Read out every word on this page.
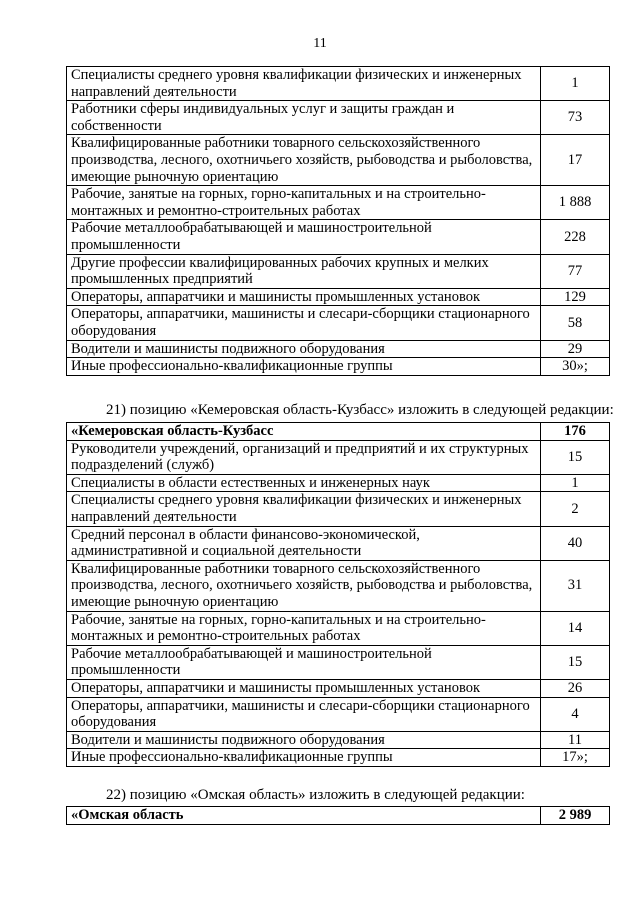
11
Специалисты среднего уровня квалификации физических и инженерных направлений деятельности	1
Работники сферы индивидуальных услуг и защиты граждан и собственности	73
Квалифицированные работники товарного сельскохозяйственного производства, лесного, охотничьего хозяйств, рыбоводства и рыболовства, имеющие рыночную ориентацию	17
Рабочие, занятые на горных, горно-капитальных и на строительно-монтажных и ремонтно-строительных работах	1 888
Рабочие металлообрабатывающей и машиностроительной промышленности	228
Другие профессии квалифицированных рабочих крупных и мелких промышленных предприятий	77
Операторы, аппаратчики и машинисты промышленных установок	129
Операторы, аппаратчики, машинисты и слесари-сборщики стационарного оборудования	58
Водители и машинисты подвижного оборудования	29
Иные профессионально-квалификационные группы	30»;
21) позицию «Кемеровская область-Кузбасс» изложить в следующей редакции:
«Кемеровская область-Кузбасс	176
Руководители учреждений, организаций и предприятий и их структурных подразделений (служб)	15
Специалисты в области естественных и инженерных наук	1
Специалисты среднего уровня квалификации физических и инженерных направлений деятельности	2
Средний персонал в области финансово-экономической, административной и социальной деятельности	40
Квалифицированные работники товарного сельскохозяйственного производства, лесного, охотничьего хозяйств, рыбоводства и рыболовства, имеющие рыночную ориентацию	31
Рабочие, занятые на горных, горно-капитальных и на строительно-монтажных и ремонтно-строительных работах	14
Рабочие металлообрабатывающей и машиностроительной промышленности	15
Операторы, аппаратчики и машинисты промышленных установок	26
Операторы, аппаратчики, машинисты и слесари-сборщики стационарного оборудования	4
Водители и машинисты подвижного оборудования	11
Иные профессионально-квалификационные группы	17»;
22) позицию «Омская область» изложить в следующей редакции:
«Омская область	2 989
